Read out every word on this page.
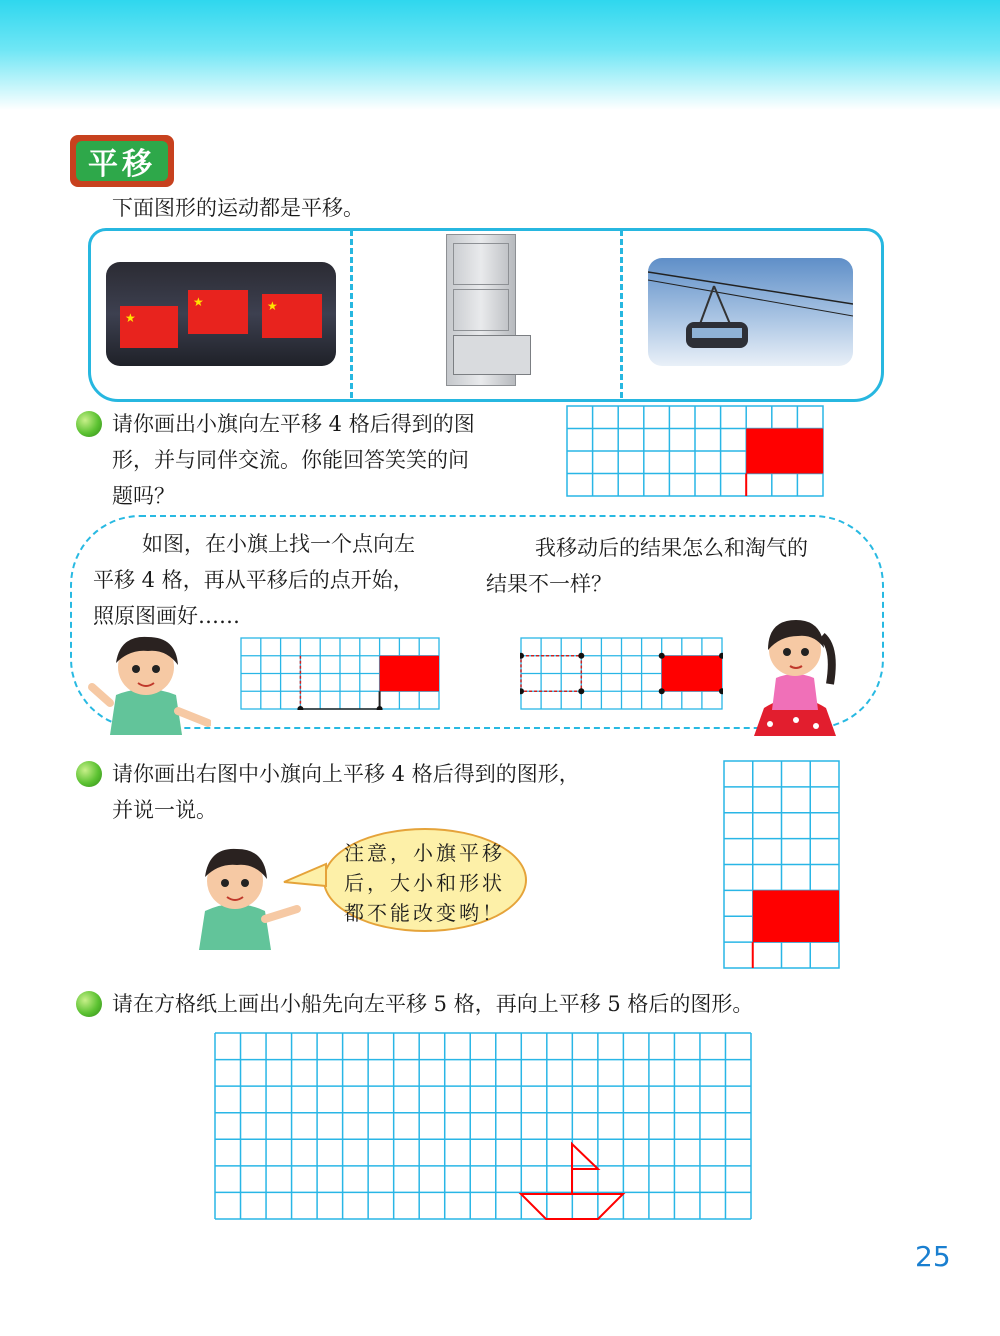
平移
下面图形的运动都是平移。
★
★	★
请你画出小旗向左平移 4 格后得到的图
形，并与同伴交流。你能回答笑笑的问
题吗？
如图，在小旗上找一个点向左
平移 4 格，再从平移后的点开始，
照原图画好……
我移动后的结果怎么和淘气的
结果不一样？
请你画出右图中小旗向上平移 4 格后得到的图形，
并说一说。
注意，小旗平移
后，大小和形状
都不能改变哟！
请在方格纸上画出小船先向左平移 5 格，再向上平移 5 格后的图形。
25
